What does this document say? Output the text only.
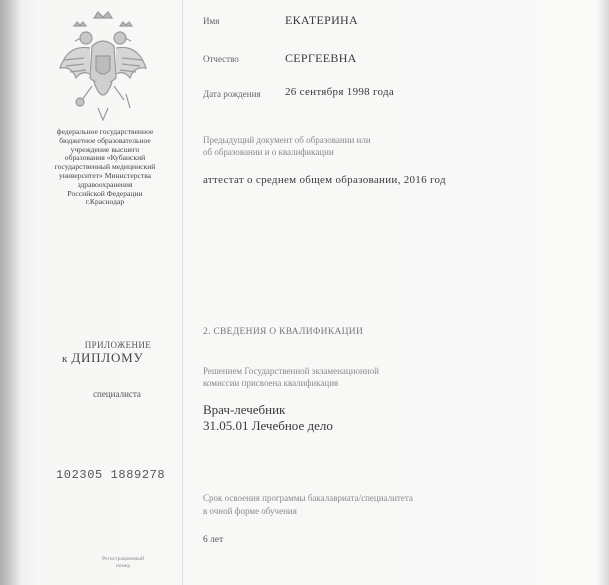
федеральное государственное
бюджетное образовательное
учреждение высшего
образования «Кубанский
государственный медицинский
университет» Министерства
здравоохранения
Российской Федерации
г.Краснодар
ПРИЛОЖЕНИЕ
к ДИПЛОМУ
специалиста
102305 1889278
Регистрационный
номер
Имя	ЕКАТЕРИНА
Отчество	СЕРГЕЕВНА
Дата рождения 26 сентября 1998 года
Предыдущий документ об образовании или
об образовании и о квалификации
аттестат о среднем общем образовании, 2016 год
2. СВЕДЕНИЯ О КВАЛИФИКАЦИИ
Решением Государственной экзаменационной
комиссии присвоена квалификация
Врач-лечебник
31.05.01 Лечебное дело
Срок освоения программы бакалавриата/специалитета
в очной форме обучения
6 лет
